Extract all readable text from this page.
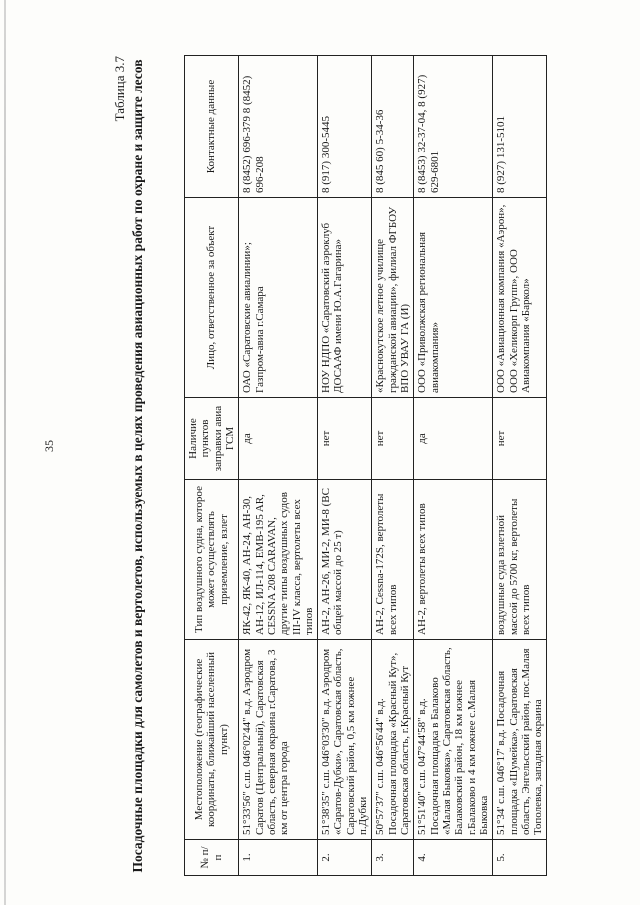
35
Таблица 3.7 Посадочные площадки для самолетов и вертолетов, используемых в целях проведения авиационных работ по охране и защите лесов	№ п/п	Местоположение (географические координаты, ближайший населенный пункт)	Тип воздушного судна, которое может осуществлять приземление, взлет	Наличие пунктов заправки авиа ГСМ	Лицо, ответственное за объект	Контактные данные
1.	51°33'56" с.ш. 046°02'44" в.д. Аэродром Саратов (Центральный), Саратовская область, северная окраина г.Саратова, 3 км от центра города	ЯК-42, ЯК-40, АН-24, АН-30, АН-12, ИЛ-114, EMB-195 AR, CESSNA 208 CARAVAN, другие типы воздушных судов III-IV класса, вертолеты всех типов	да	ОАО «Саратовские авиалинии»; Газпром-авиа г.Самара	8 (8452) 696-379 8 (8452) 696-208
2.	51°38'35" с.ш. 046°03'30" в.д. Аэродром «Саратов-Дубки», Саратовская область, Саратовский район, 0,5 км южнее п.Дубки	АН-2, АН-26, МИ-2, МИ-8 (ВС общей массой до 25 т)	нет	НОУ НДПО «Саратовский аэроклуб ДОСААФ имени Ю.А.Гагарина»	8 (917) 300-5445
3.	50°57'37" с.ш. 046°56'44" в.д. Посадочная площадка «Красный Кут», Саратовская область, г.Красный Кут	АН-2, Cessna-172S, вертолеты всех типов	нет	«Краснокутское летное училище гражданской авиации», филиал ФГБОУ ВПО УВАУ ГА (И)	8 (845 60) 5-34-36
4.	51°51'40" с.ш. 047°44'58" в.д. Посадочная площадка в Балаково «Малая Быковка», Саратовская область, Балаковский район, 18 км южнее г.Балаково и 4 км южнее с.Малая Быковка	АН-2, вертолеты всех типов	да	ООО «Приволжская региональная авиакомпания»	8 (8453) 32-37-04, 8 (927) 629-6801
5.	51°34' с.ш. 046°17' в.д. Посадочная площадка «Шумейка», Саратовская область, Энгельсский район, пос.Малая Тополевка, западная окраина	воздушные суда взлетной массой до 5700 кг, вертолеты всех типов	нет	ООО «Авиационная компания «Аэрон», ООО «Хеликорп Групп», ООО Авиакомпания «Баркол»	8 (927) 131-5101
